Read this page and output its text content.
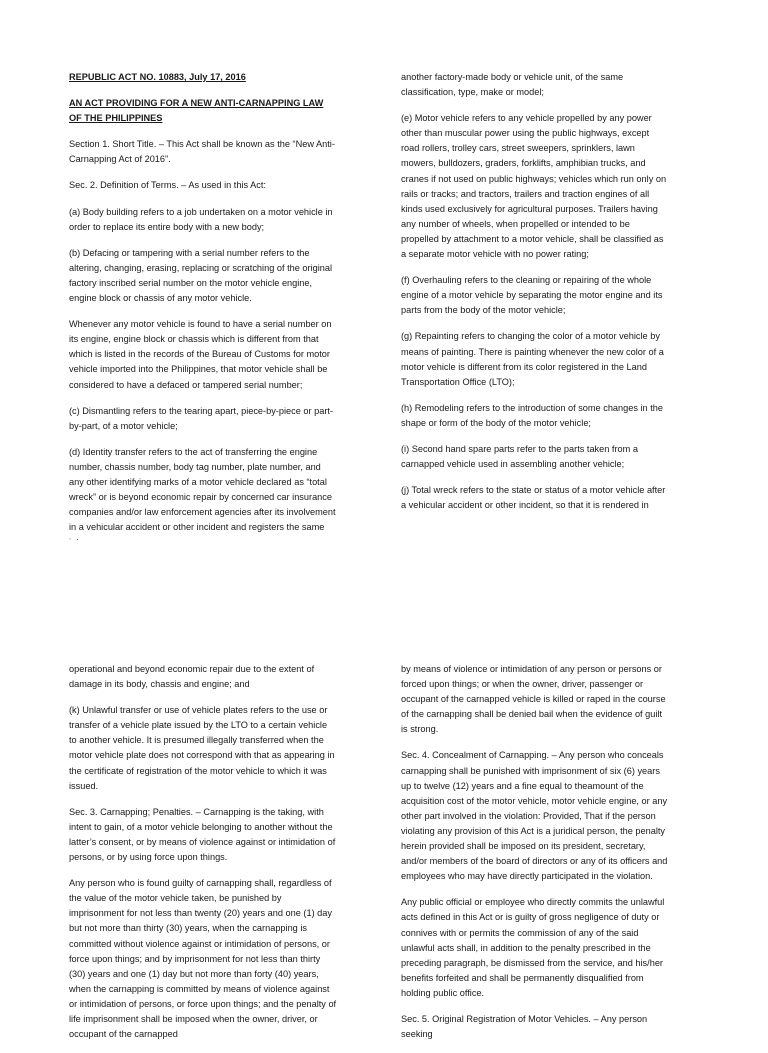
REPUBLIC ACT NO. 10883, July 17, 2016

AN ACT PROVIDING FOR A NEW ANTI-CARNAPPING LAW OF THE PHILIPPINES

Section 1. Short Title. – This Act shall be known as the “New Anti-Carnapping Act of 2016”.

Sec. 2. Definition of Terms. – As used in this Act:

(a) Body building refers to a job undertaken on a motor vehicle in order to replace its entire body with a new body;

(b) Defacing or tampering with a serial number refers to the altering, changing, erasing, replacing or scratching of the original factory inscribed serial number on the motor vehicle engine, engine block or chassis of any motor vehicle.

Whenever any motor vehicle is found to have a serial number on its engine, engine block or chassis which is different from that which is listed in the records of the Bureau of Customs for motor vehicle imported into the Philippines, that motor vehicle shall be considered to have a defaced or tampered serial number;

(c) Dismantling refers to the tearing apart, piece-by-piece or part-by-part, of a motor vehicle;

(d) Identity transfer refers to the act of transferring the engine number, chassis number, body tag number, plate number, and any other identifying marks of a motor vehicle declared as “total wreck” or is beyond economic repair by concerned car insurance companies and/or law enforcement agencies after its involvement in a vehicular accident or other incident and registers the same

another factory-made body or vehicle unit, of the same classification, type, make or model;

(e) Motor vehicle refers to any vehicle propelled by any power other than muscular power using the public highways, except road rollers, trolley cars, street sweepers, sprinklers, lawn mowers, bulldozers, graders, forklifts, amphibian trucks, and cranes if not used on public highways; vehicles which run only on rails or tracks; and tractors, trailers and traction engines of all kinds used exclusively for agricultural purposes. Trailers having any number of wheels, when propelled or intended to be propelled by attachment to a motor vehicle, shall be classified as a separate motor vehicle with no power rating;

(f) Overhauling refers to the cleaning or repairing of the whole engine of a motor vehicle by separating the motor engine and its parts from the body of the motor vehicle;

(g) Repainting refers to changing the color of a motor vehicle by means of painting. There is painting whenever the new color of a motor vehicle is different from its color registered in the Land Transportation Office (LTO);

(h) Remodeling refers to the introduction of some changes in the shape or form of the body of the motor vehicle;

(i) Second hand spare parts refer to the parts taken from a carnapped vehicle used in assembling another vehicle;

(j) Total wreck refers to the state or status of a motor vehicle after a vehicular accident or other incident, so that it is rendered in

operational and beyond economic repair due to the extent of damage in its body, chassis and engine; and

(k) Unlawful transfer or use of vehicle plates refers to the use or transfer of a vehicle plate issued by the LTO to a certain vehicle to another vehicle. It is presumed illegally transferred when the motor vehicle plate does not correspond with that as appearing in the certificate of registration of the motor vehicle to which it was issued.

Sec. 3. Carnapping; Penalties. – Carnapping is the taking, with intent to gain, of a motor vehicle belonging to another without the latter’s consent, or by means of violence against or intimidation of persons, or by using force upon things.

Any person who is found guilty of carnapping shall, regardless of the value of the motor vehicle taken, be punished by imprisonment for not less than twenty (20) years and one (1) day but not more than thirty (30) years, when the carnapping is committed without violence against or intimidation of persons, or force upon things; and by imprisonment for not less than thirty (30) years and one (1) day but not more than forty (40) years, when the carnapping is committed by means of violence against or intimidation of persons, or force upon things; and the penalty of life imprisonment shall be imposed when the owner, driver, or occupant of the carnapped

by means of violence or intimidation of any person or persons or forced upon things; or when the owner, driver, passenger or occupant of the carnapped vehicle is killed or raped in the course of the carnapping shall be denied bail when the evidence of guilt is strong.

Sec. 4. Concealment of Carnapping. – Any person who conceals carnapping shall be punished with imprisonment of six (6) years up to twelve (12) years and a fine equal to theamount of the acquisition cost of the motor vehicle, motor vehicle engine, or any other part involved in the violation: Provided, That if the person violating any provision of this Act is a juridical person, the penalty herein provided shall be imposed on its president, secretary, and/or members of the board of directors or any of its officers and employees who may have directly participated in the violation.

Any public official or employee who directly commits the unlawful acts defined in this Act or is guilty of gross negligence of duty or connives with or permits the commission of any of the said unlawful acts shall, in addition to the penalty prescribed in the preceding paragraph, be dismissed from the service, and his/her benefits forfeited and shall be permanently disqualified from holding public office.

Sec. 5. Original Registration of Motor Vehicles. – Any person seeking
